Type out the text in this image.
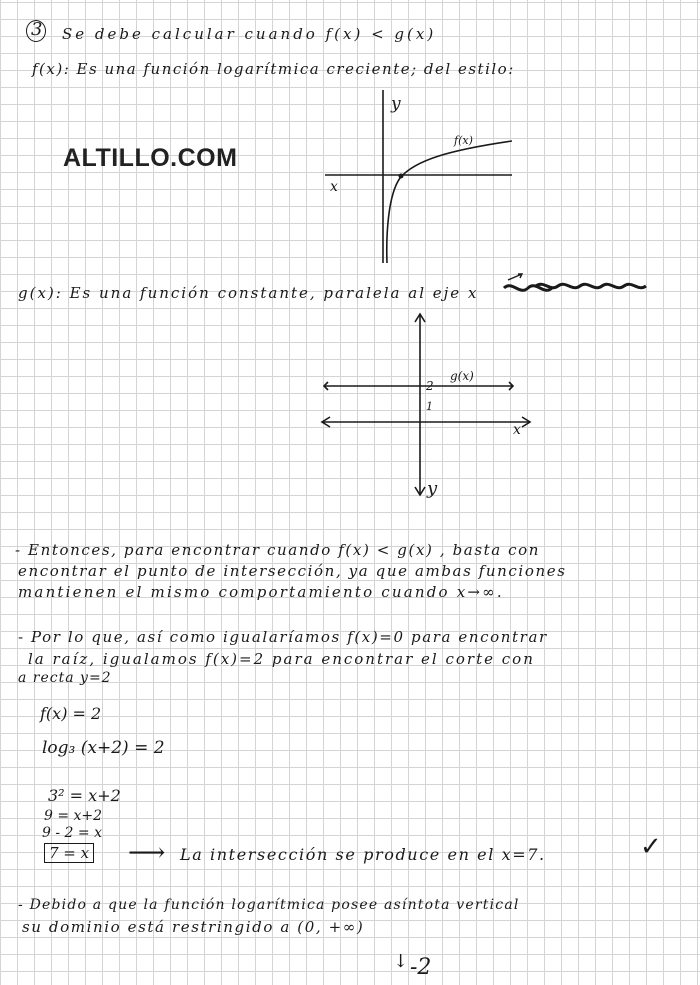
3 Se debe calcular cuando f(x) < g(x)
f(x): Es una función logarítmica creciente; del estilo:
ALTILLO.COM
y
x
f(x)
g(x): Es una función constante, paralela al eje x
2
1
g(x)
x
y
- Entonces, para encontrar cuando f(x) < g(x) , basta con
encontrar el punto de intersección, ya que ambas funciones
mantienen el mismo comportamiento cuando x→∞.
- Por lo que, así como igualaríamos f(x)=0 para encontrar
la raíz, igualamos f(x)=2 para encontrar el corte con
a recta y=2
f(x) = 2
log₃ (x+2) = 2
3² = x+2
9 = x+2
9 - 2 = x
7 = x ⟶ La intersección se produce en el x=7.	✓
- Debido a que la función logarítmica posee asíntota vertical
su dominio está restringido a (0, +∞)
↓ -2
